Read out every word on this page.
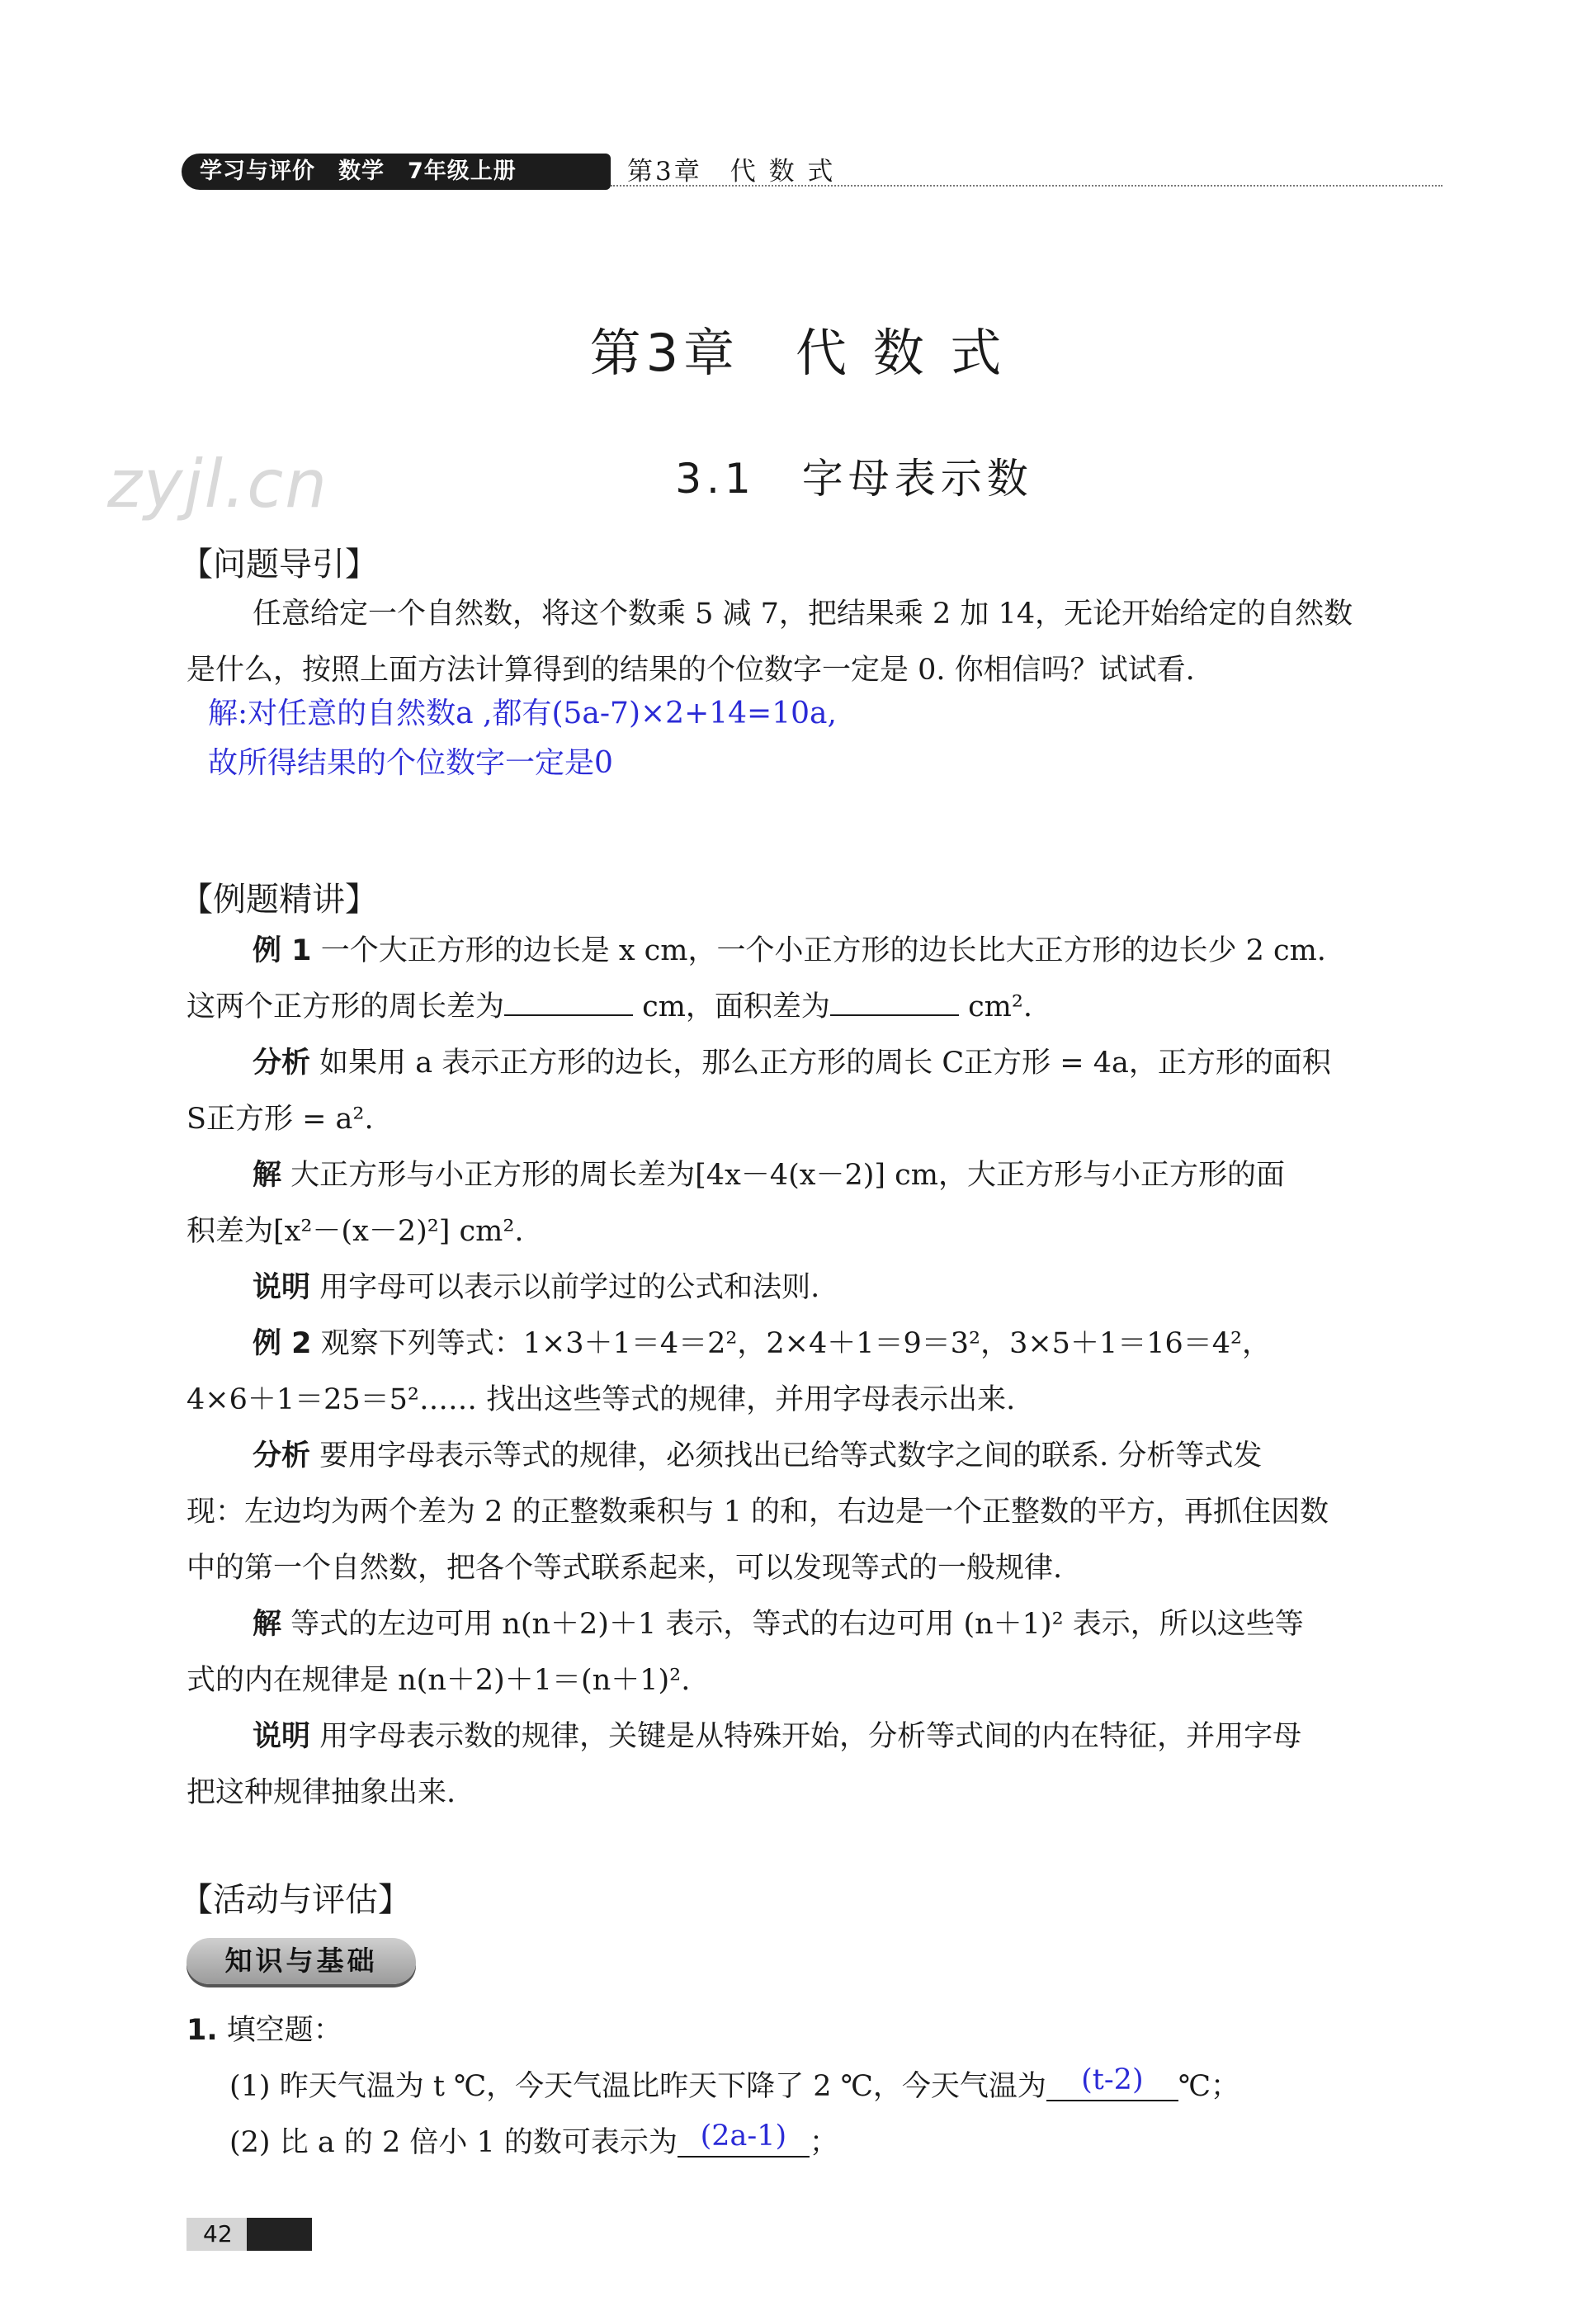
学习与评价　数学　7年级上册	第3章　代 数 式
zyjl.cn
第3章　代 数 式
3.1　字母表示数
【问题导引】
任意给定一个自然数，将这个数乘 5 减 7，把结果乘 2 加 14，无论开始给定的自然数
是什么，按照上面方法计算得到的结果的个位数字一定是 0. 你相信吗？试试看.
解:对任意的自然数a ,都有(5a-7)×2+14=10a,
故所得结果的个位数字一定是0
【例题精讲】
例 1 一个大正方形的边长是 x cm，一个小正方形的边长比大正方形的边长少 2 cm.
这两个正方形的周长差为	cm，面积差为	cm².
分析 如果用 a 表示正方形的边长，那么正方形的周长 C正方形 = 4a，正方形的面积
S正方形 = a².
解 大正方形与小正方形的周长差为[4x－4(x－2)] cm，大正方形与小正方形的面
积差为[x²－(x－2)²] cm².
说明 用字母可以表示以前学过的公式和法则.
例 2 观察下列等式：1×3＋1＝4＝2²，2×4＋1＝9＝3²，3×5＋1＝16＝4²，
4×6＋1＝25＝5²…… 找出这些等式的规律，并用字母表示出来.
分析 要用字母表示等式的规律，必须找出已给等式数字之间的联系. 分析等式发
现：左边均为两个差为 2 的正整数乘积与 1 的和，右边是一个正整数的平方，再抓住因数
中的第一个自然数，把各个等式联系起来，可以发现等式的一般规律.
解 等式的左边可用 n(n＋2)＋1 表示，等式的右边可用 (n＋1)² 表示，所以这些等
式的内在规律是 n(n＋2)＋1＝(n＋1)².
说明 用字母表示数的规律，关键是从特殊开始，分析等式间的内在特征，并用字母
把这种规律抽象出来.
【活动与评估】
知识与基础
1. 填空题：
(1) 昨天气温为 t ℃，今天气温比昨天下降了 2 ℃，今天气温为 (t-2) ℃；
(2) 比 a 的 2 倍小 1 的数可表示为 (2a-1) ；
42
